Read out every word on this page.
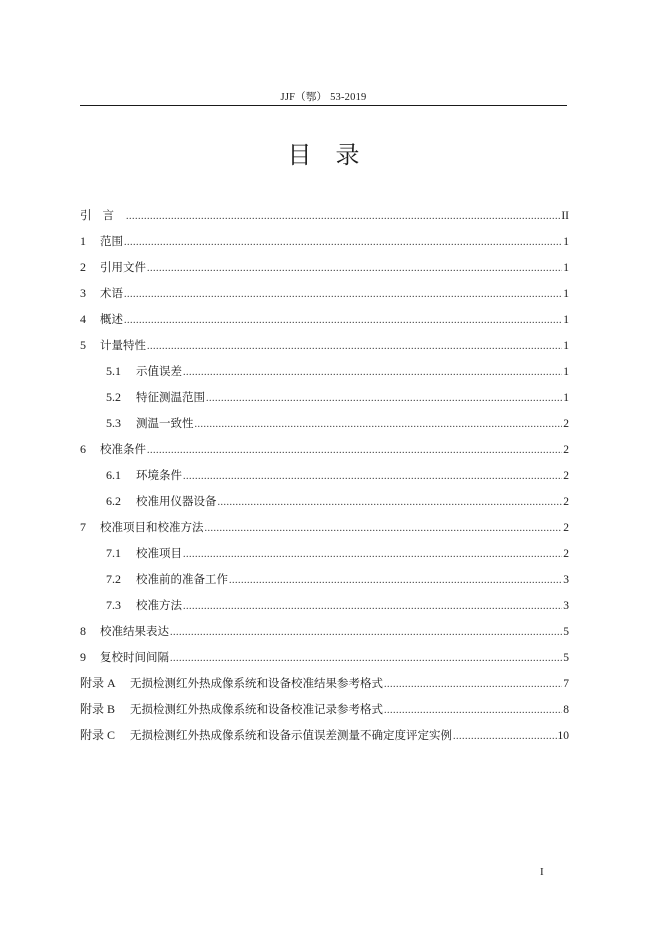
JJF（鄂） 53-2019
目录
引言 .....	II
1	范围 .....	1
2	引用文件 .....	1
3	术语 .....	1
4	概述 .....	1
5	计量特性 .....	1
5.1	示值误差 .....	1
5.2	特征测温范围 .....	1
5.3	测温一致性 .....	2
6	校准条件 .....	2
6.1	环境条件 .....	2
6.2	校准用仪器设备 .....	2
7	校准项目和校准方法 .....	2
7.1	校准项目 .....	2
7.2	校准前的准备工作 .....	3
7.3	校准方法 .....	3
8	校准结果表达 .....	5
9	复校时间间隔 .....	5
附录 A	无损检测红外热成像系统和设备校准结果参考格式 .....	7
附录 B	无损检测红外热成像系统和设备校准记录参考格式 .....	8
附录 C	无损检测红外热成像系统和设备示值误差测量不确定度评定实例 .....	10
I
